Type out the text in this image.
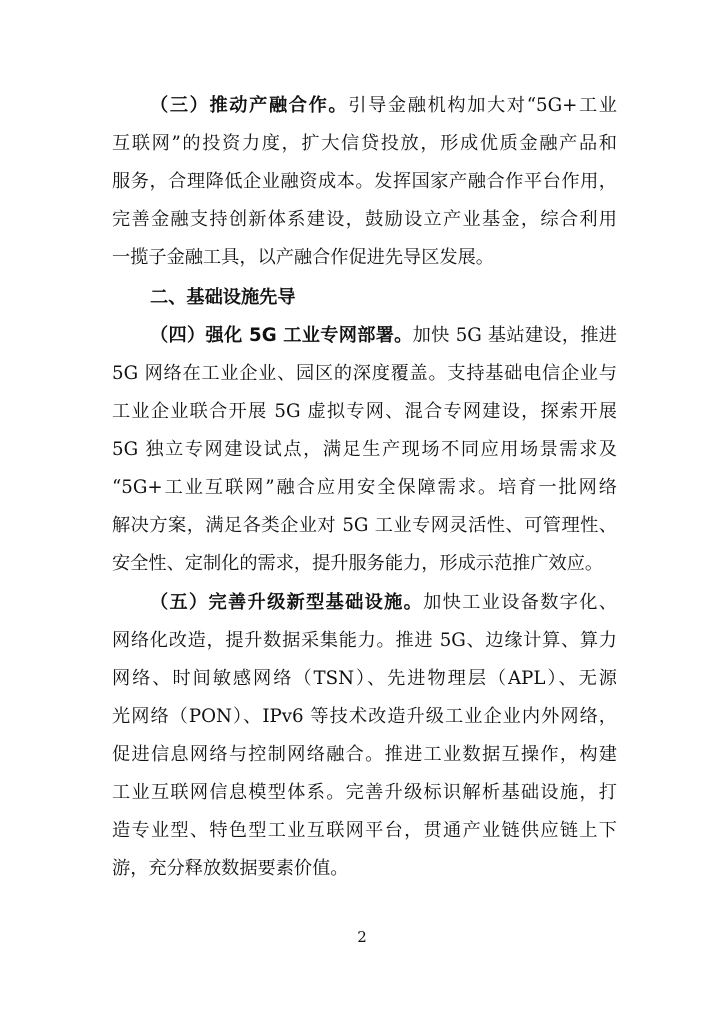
（三）推动产融合作。引导金融机构加大对“5G+工业
互联网”的投资力度，扩大信贷投放，形成优质金融产品和
服务，合理降低企业融资成本。发挥国家产融合作平台作用，
完善金融支持创新体系建设，鼓励设立产业基金，综合利用
一揽子金融工具，以产融合作促进先导区发展。
二、基础设施先导
（四）强化 5G 工业专网部署。加快 5G 基站建设，推进
5G 网络在工业企业、园区的深度覆盖。支持基础电信企业与
工业企业联合开展 5G 虚拟专网、混合专网建设，探索开展
5G 独立专网建设试点，满足生产现场不同应用场景需求及
“5G+工业互联网”融合应用安全保障需求。培育一批网络
解决方案，满足各类企业对 5G 工业专网灵活性、可管理性、
安全性、定制化的需求，提升服务能力，形成示范推广效应。
（五）完善升级新型基础设施。加快工业设备数字化、
网络化改造，提升数据采集能力。推进 5G、边缘计算、算力
网络、时间敏感网络（TSN）、先进物理层（APL）、无源
光网络（PON）、IPv6 等技术改造升级工业企业内外网络，
促进信息网络与控制网络融合。推进工业数据互操作，构建
工业互联网信息模型体系。完善升级标识解析基础设施，打
造专业型、特色型工业互联网平台，贯通产业链供应链上下
游，充分释放数据要素价值。
2
